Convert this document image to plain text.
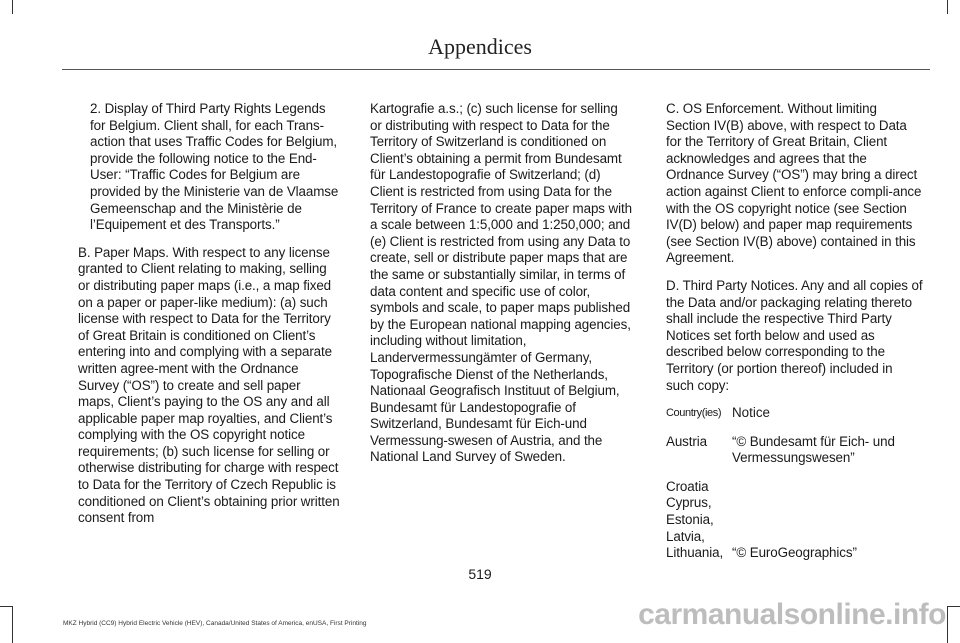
Appendices

2. Display of Third Party Rights Legends for Belgium. Client shall, for each Trans-action that uses Traffic Codes for Belgium, provide the following notice to the End-User: “Traffic Codes for Belgium are provided by the Ministerie van de Vlaamse Gemeenschap and the Ministèrie de l’Equipement et des Transports.”

B. Paper Maps. With respect to any license granted to Client relating to making, selling or distributing paper maps (i.e., a map fixed on a paper or paper-like medium): (a) such license with respect to Data for the Territory of Great Britain is conditioned on Client’s entering into and complying with a separate written agree-ment with the Ordnance Survey (“OS”) to create and sell paper maps, Client’s paying to the OS any and all applicable paper map royalties, and Client’s complying with the OS copyright notice requirements; (b) such license for selling or otherwise distributing for charge with respect to Data for the Territory of Czech Republic is conditioned on Client’s obtaining prior written consent from

Kartografie a.s.; (c) such license for selling or distributing with respect to Data for the Territory of Switzerland is conditioned on Client’s obtaining a permit from Bundesamt für Landestopografie of Switzerland; (d) Client is restricted from using Data for the Territory of France to create paper maps with a scale between 1:5,000 and 1:250,000; and (e) Client is restricted from using any Data to create, sell or distribute paper maps that are the same or substantially similar, in terms of data content and specific use of color, symbols and scale, to paper maps published by the European national mapping agencies, including without limitation, Landervermessungämter of Germany, Topografische Dienst of the Netherlands, Nationaal Geografisch Instituut of Belgium, Bundesamt für Landestopografie of Switzerland, Bundesamt für Eich-und Vermessung-swesen of Austria, and the National Land Survey of Sweden.

C. OS Enforcement. Without limiting Section IV(B) above, with respect to Data for the Territory of Great Britain, Client acknowledges and agrees that the Ordnance Survey (“OS”) may bring a direct action against Client to enforce compli-ance with the OS copyright notice (see Section IV(D) below) and paper map requirements (see Section IV(B) above) contained in this Agreement.

D. Third Party Notices. Any and all copies of the Data and/or packaging relating thereto shall include the respective Third Party Notices set forth below and used as described below corresponding to the Territory (or portion thereof) included in such copy:

Country(ies)	Notice
Austria	“© Bundesamt für Eich- und Vermessungswesen”
Croatia
Cyprus,
Estonia,
Latvia,
Lithuania,	“© EuroGeographics”
519
MKZ Hybrid (CC9) Hybrid Electric Vehicle (HEV), Canada/United States of America, enUSA, First Printing	carmanualsonline.info
